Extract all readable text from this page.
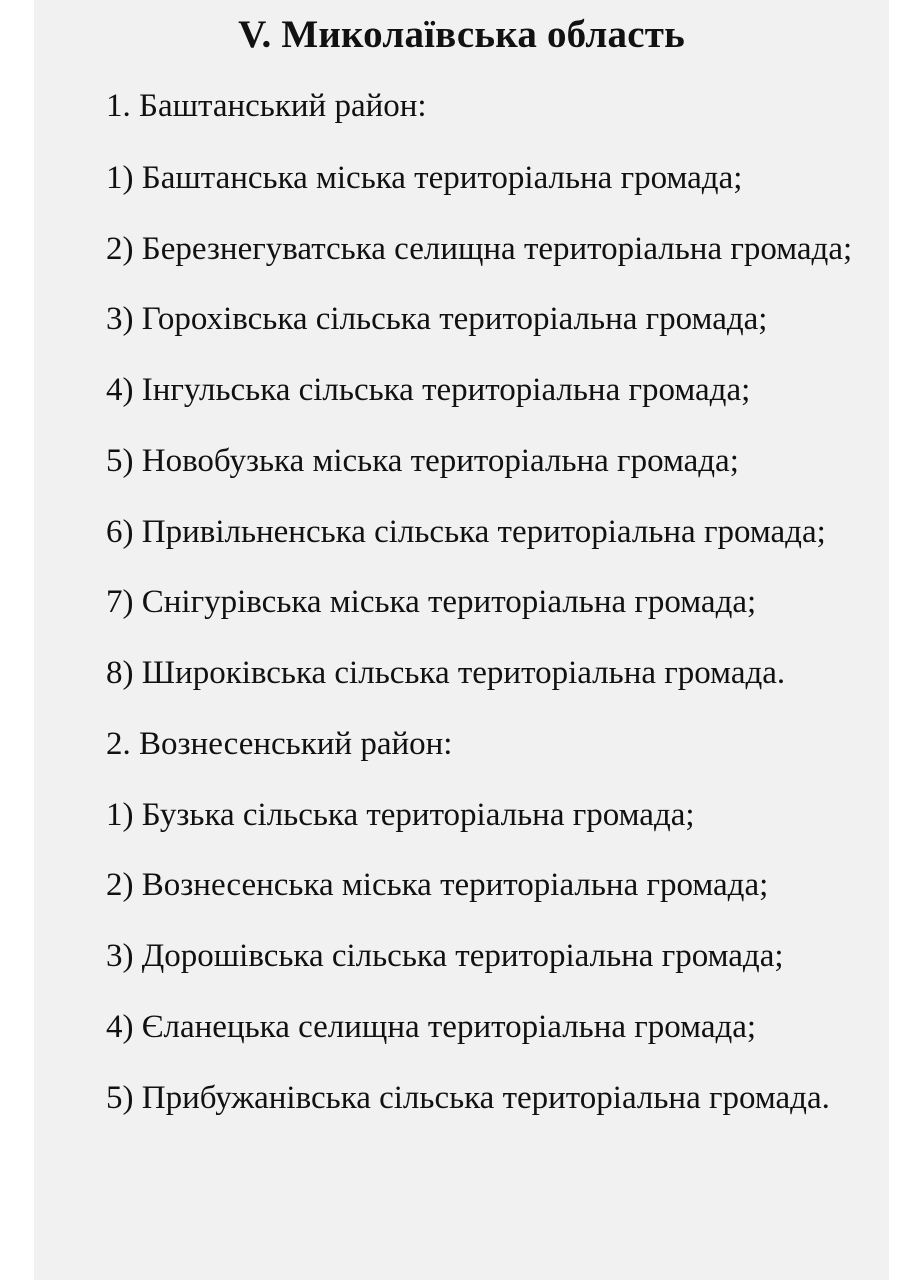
V. Миколаївська область

1. Баштанський район:

1) Баштанська міська територіальна громада;

2) Березнегуватська селищна територіальна громада;

3) Горохівська сільська територіальна громада;

4) Інгульська сільська територіальна громада;

5) Новобузька міська територіальна громада;

6) Привільненська сільська територіальна громада;

7) Снігурівська міська територіальна громада;

8) Широківська сільська територіальна громада.

2. Вознесенський район:

1) Бузька сільська територіальна громада;

2) Вознесенська міська територіальна громада;

3) Дорошівська сільська територіальна громада;

4) Єланецька селищна територіальна громада;

5) Прибужанівська сільська територіальна громада.
